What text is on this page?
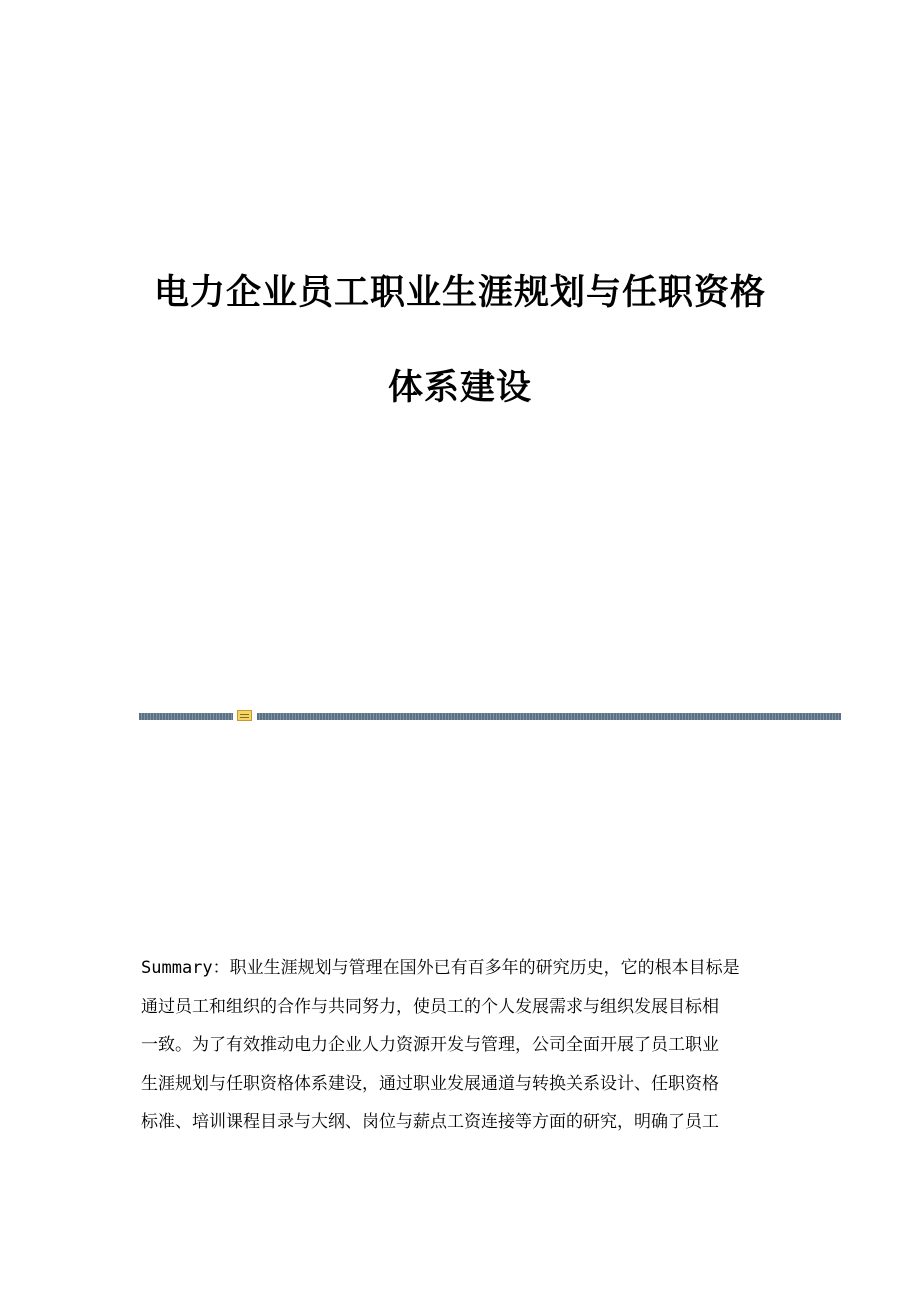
电力企业员工职业生涯规划与任职资格
体系建设
Summary：职业生涯规划与管理在国外已有百多年的研究历史，它的根本目标是
通过员工和组织的合作与共同努力，使员工的个人发展需求与组织发展目标相
一致。为了有效推动电力企业人力资源开发与管理，公司全面开展了员工职业
生涯规划与任职资格体系建设，通过职业发展通道与转换关系设计、任职资格
标准、培训课程目录与大纲、岗位与薪点工资连接等方面的研究，明确了员工
